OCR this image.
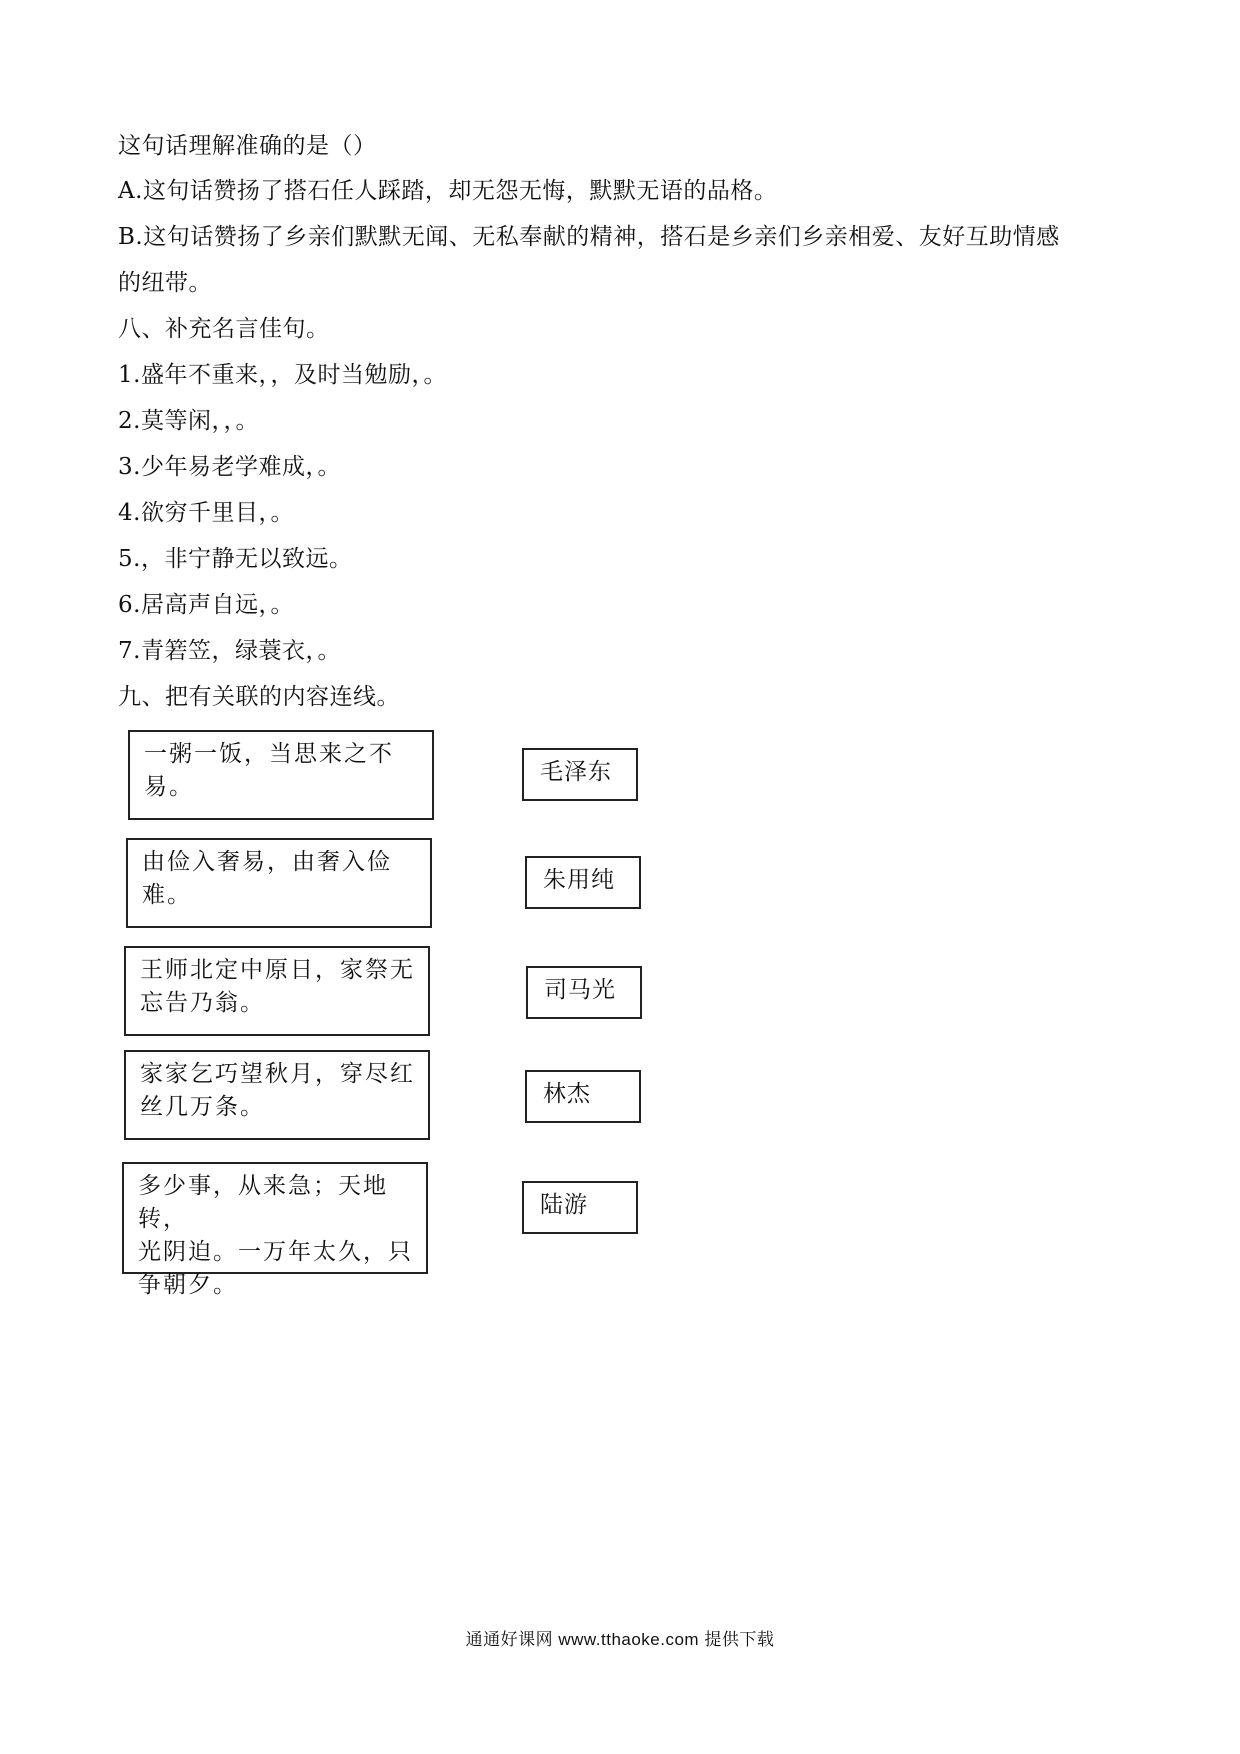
这句话理解准确的是（）
A.这句话赞扬了搭石任人踩踏，却无怨无悔，默默无语的品格。
B.这句话赞扬了乡亲们默默无闻、无私奉献的精神，搭石是乡亲们乡亲相爱、友好互助情感
的纽带。
八、补充名言佳句。
1.盛年不重来，，及时当勉励，。
2.莫等闲，，。
3.少年易老学难成，。
4.欲穷千里目，。
5.，非宁静无以致远。
6.居高声自远，。
7.青箬笠，绿蓑衣，。
九、把有关联的内容连线。
一粥一饭，当思来之不
易。
由俭入奢易，由奢入俭
难。
王师北定中原日，家祭无
忘告乃翁。
家家乞巧望秋月，穿尽红
丝几万条。
多少事，从来急；天地转，
光阴迫。一万年太久，只
争朝夕。
毛泽东
朱用纯
司马光
林杰
陆游
通通好课网 www.tthaoke.com 提供下载
